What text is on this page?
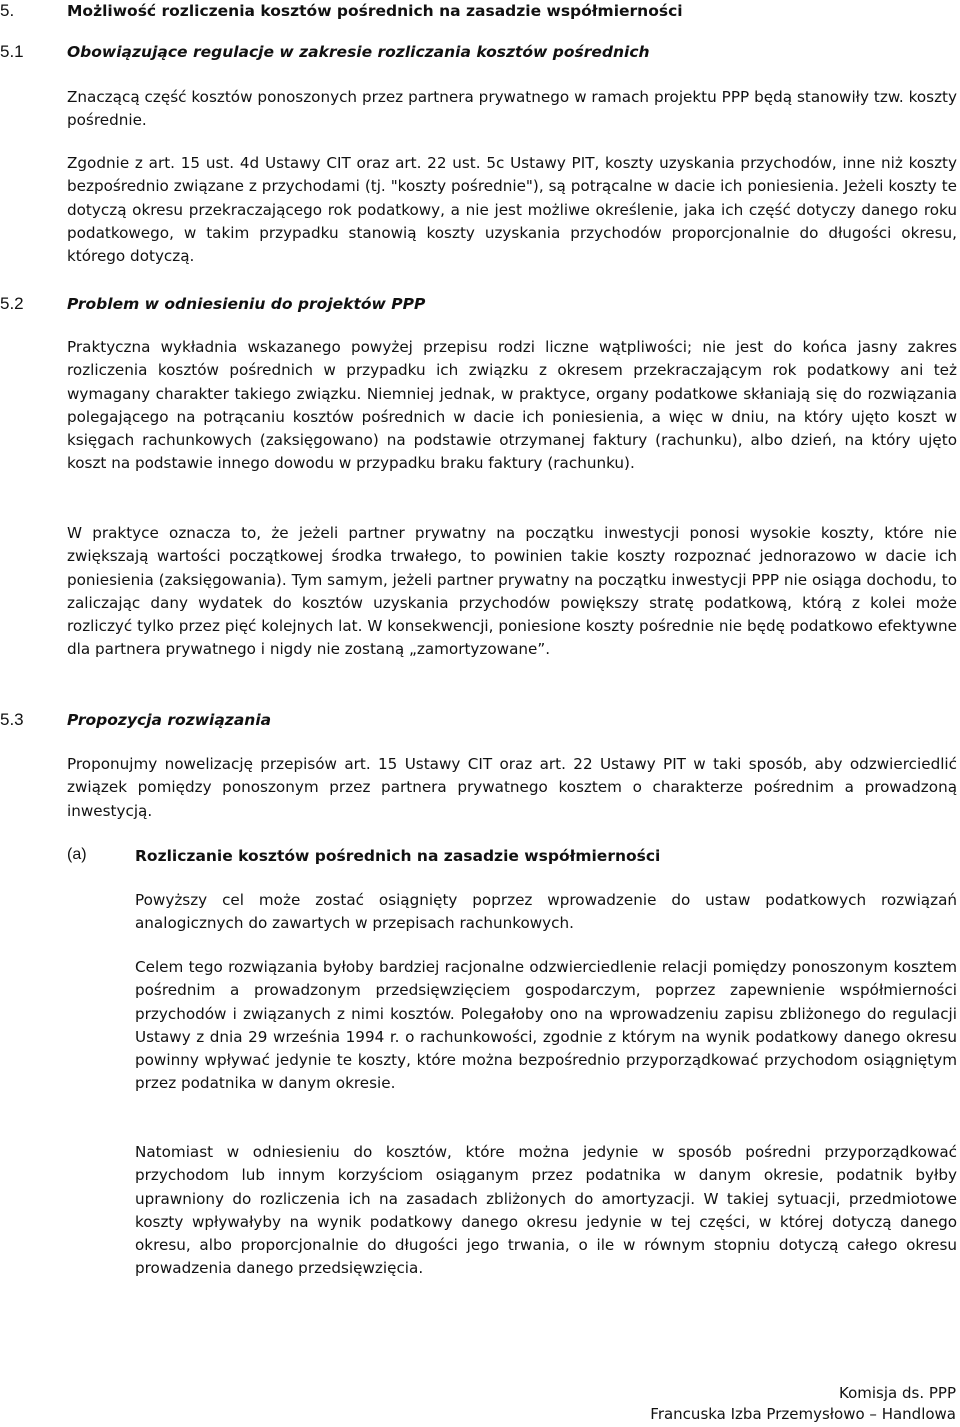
5.	Możliwość rozliczenia kosztów pośrednich na zasadzie współmierności
5.1	Obowiązujące regulacje w zakresie rozliczania kosztów pośrednich

Znaczącą część kosztów ponoszonych przez partnera prywatnego w ramach projektu PPP będą stanowiły tzw. koszty pośrednie.

Zgodnie z art. 15 ust. 4d Ustawy CIT oraz art. 22 ust. 5c Ustawy PIT, koszty uzyskania przychodów, inne niż koszty bezpośrednio związane z przychodami (tj. "koszty pośrednie"), są potrącalne w dacie ich poniesienia. Jeżeli koszty te dotyczą okresu przekraczającego rok podatkowy, a nie jest możliwe określenie, jaka ich część dotyczy danego roku podatkowego, w takim przypadku stanowią koszty uzyskania przychodów proporcjonalnie do długości okresu, którego dotyczą.

5.2	Problem w odniesieniu do projektów PPP

Praktyczna wykładnia wskazanego powyżej przepisu rodzi liczne wątpliwości; nie jest do końca jasny zakres rozliczenia kosztów pośrednich w przypadku ich związku z okresem przekraczającym rok podatkowy ani też wymagany charakter takiego związku. Niemniej jednak, w praktyce, organy podatkowe skłaniają się do rozwiązania polegającego na potrącaniu kosztów pośrednich w dacie ich poniesienia, a więc w dniu, na który ujęto koszt w księgach rachunkowych (zaksięgowano) na podstawie otrzymanej faktury (rachunku), albo dzień, na który ujęto koszt na podstawie innego dowodu w przypadku braku faktury (rachunku).

W praktyce oznacza to, że jeżeli partner prywatny na początku inwestycji ponosi wysokie koszty, które nie zwiększają wartości początkowej środka trwałego, to powinien takie koszty rozpoznać jednorazowo w dacie ich poniesienia (zaksięgowania). Tym samym, jeżeli partner prywatny na początku inwestycji PPP nie osiąga dochodu, to zaliczając dany wydatek do kosztów uzyskania przychodów powiększy stratę podatkową, którą z kolei może rozliczyć tylko przez pięć kolejnych lat. W konsekwencji, poniesione koszty pośrednie nie będę podatkowo efektywne dla partnera prywatnego i nigdy nie zostaną „zamortyzowane”.

5.3	Propozycja rozwiązania

Proponujmy nowelizację przepisów art. 15 Ustawy CIT oraz art. 22 Ustawy PIT w taki sposób, aby odzwierciedlić związek pomiędzy ponoszonym przez partnera prywatnego kosztem o charakterze pośrednim a prowadzoną inwestycją.

(a)	Rozliczanie kosztów pośrednich na zasadzie współmierności

Powyższy cel może zostać osiągnięty poprzez wprowadzenie do ustaw podatkowych rozwiązań analogicznych do zawartych w przepisach rachunkowych.

Celem tego rozwiązania byłoby bardziej racjonalne odzwierciedlenie relacji pomiędzy ponoszonym kosztem pośrednim a prowadzonym przedsięwzięciem gospodarczym, poprzez zapewnienie współmierności przychodów i związanych z nimi kosztów. Polegałoby ono na wprowadzeniu zapisu zbliżonego do regulacji Ustawy z dnia 29 września 1994 r. o rachunkowości, zgodnie z którym na wynik podatkowy danego okresu powinny wpływać jedynie te koszty, które można bezpośrednio przyporządkować przychodom osiągniętym przez podatnika w danym okresie.

Natomiast w odniesieniu do kosztów, które można jedynie w sposób pośredni przyporządkować przychodom lub innym korzyściom osiąganym przez podatnika w danym okresie, podatnik byłby uprawniony do rozliczenia ich na zasadach zbliżonych do amortyzacji. W takiej sytuacji, przedmiotowe koszty wpływałyby na wynik podatkowy danego okresu jedynie w tej części, w której dotyczą danego okresu, albo proporcjonalnie do długości jego trwania, o ile w równym stopniu dotyczą całego okresu prowadzenia danego przedsięwzięcia.

Komisja ds. PPP
Francuska Izba Przemysłowo – Handlowa
